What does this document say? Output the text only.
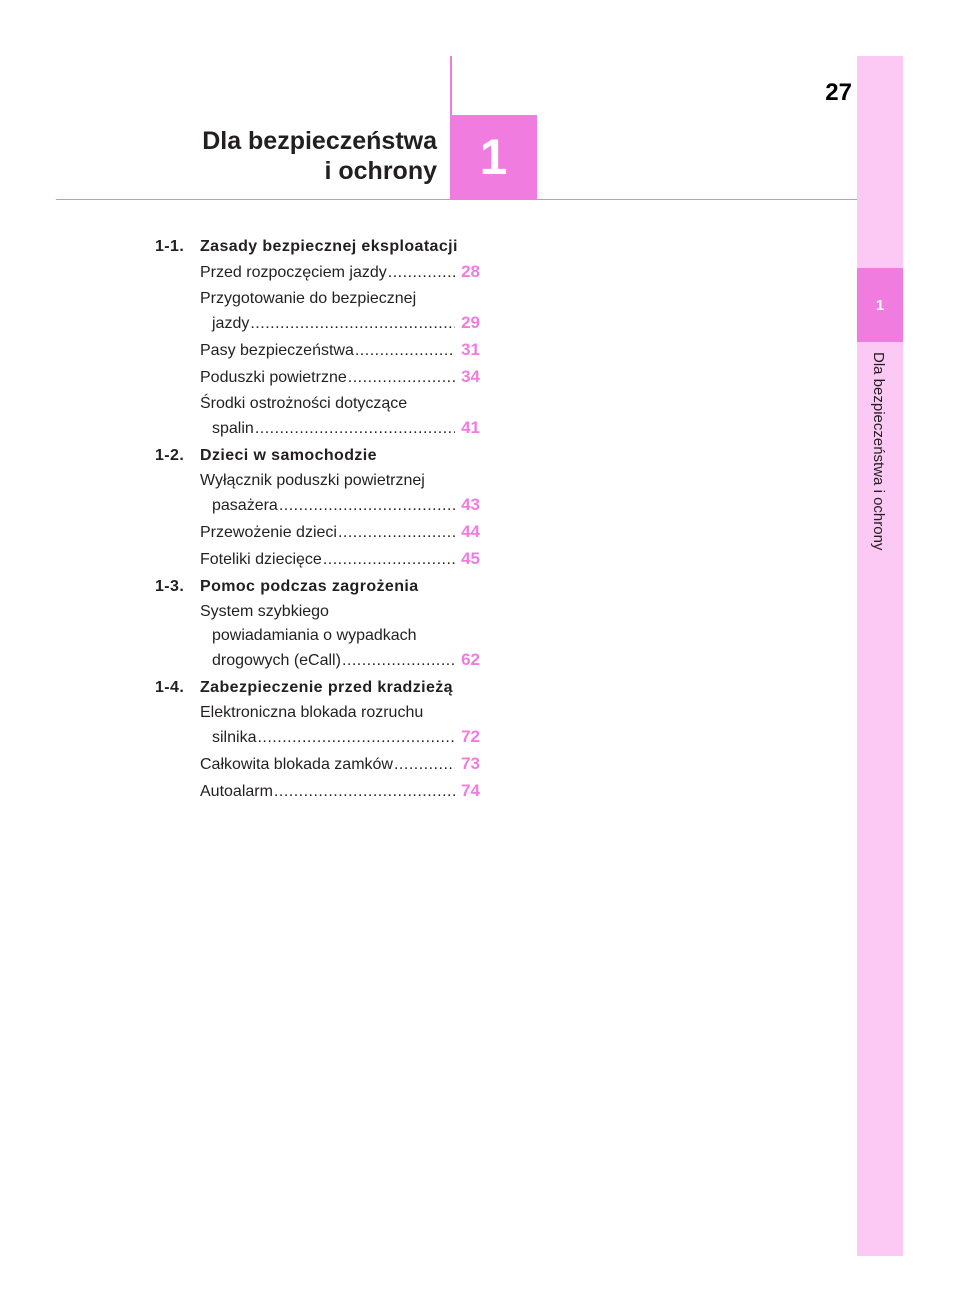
1
Dla bezpieczeństwa i ochrony
27
1
Dla bezpieczeństwa
i ochrony
1-1. Zasady bezpiecznej eksploatacji
Przed rozpoczęciem jazdy .....	28
Przygotowanie do bezpiecznej
jazdy .....	29
Pasy bezpieczeństwa .....	31
Poduszki powietrzne .....	34
Środki ostrożności dotyczące
spalin .....	41
1-2. Dzieci w samochodzie
Wyłącznik poduszki powietrznej
pasażera .....	43
Przewożenie dzieci .....	44
Foteliki dziecięce .....	45
1-3. Pomoc podczas zagrożenia
System szybkiego
powiadamiania o wypadkach
drogowych (eCall) .....	62
1-4. Zabezpieczenie przed kradzieżą
Elektroniczna blokada rozruchu
silnika .....	72
Całkowita blokada zamków .....	73
Autoalarm .....	74
